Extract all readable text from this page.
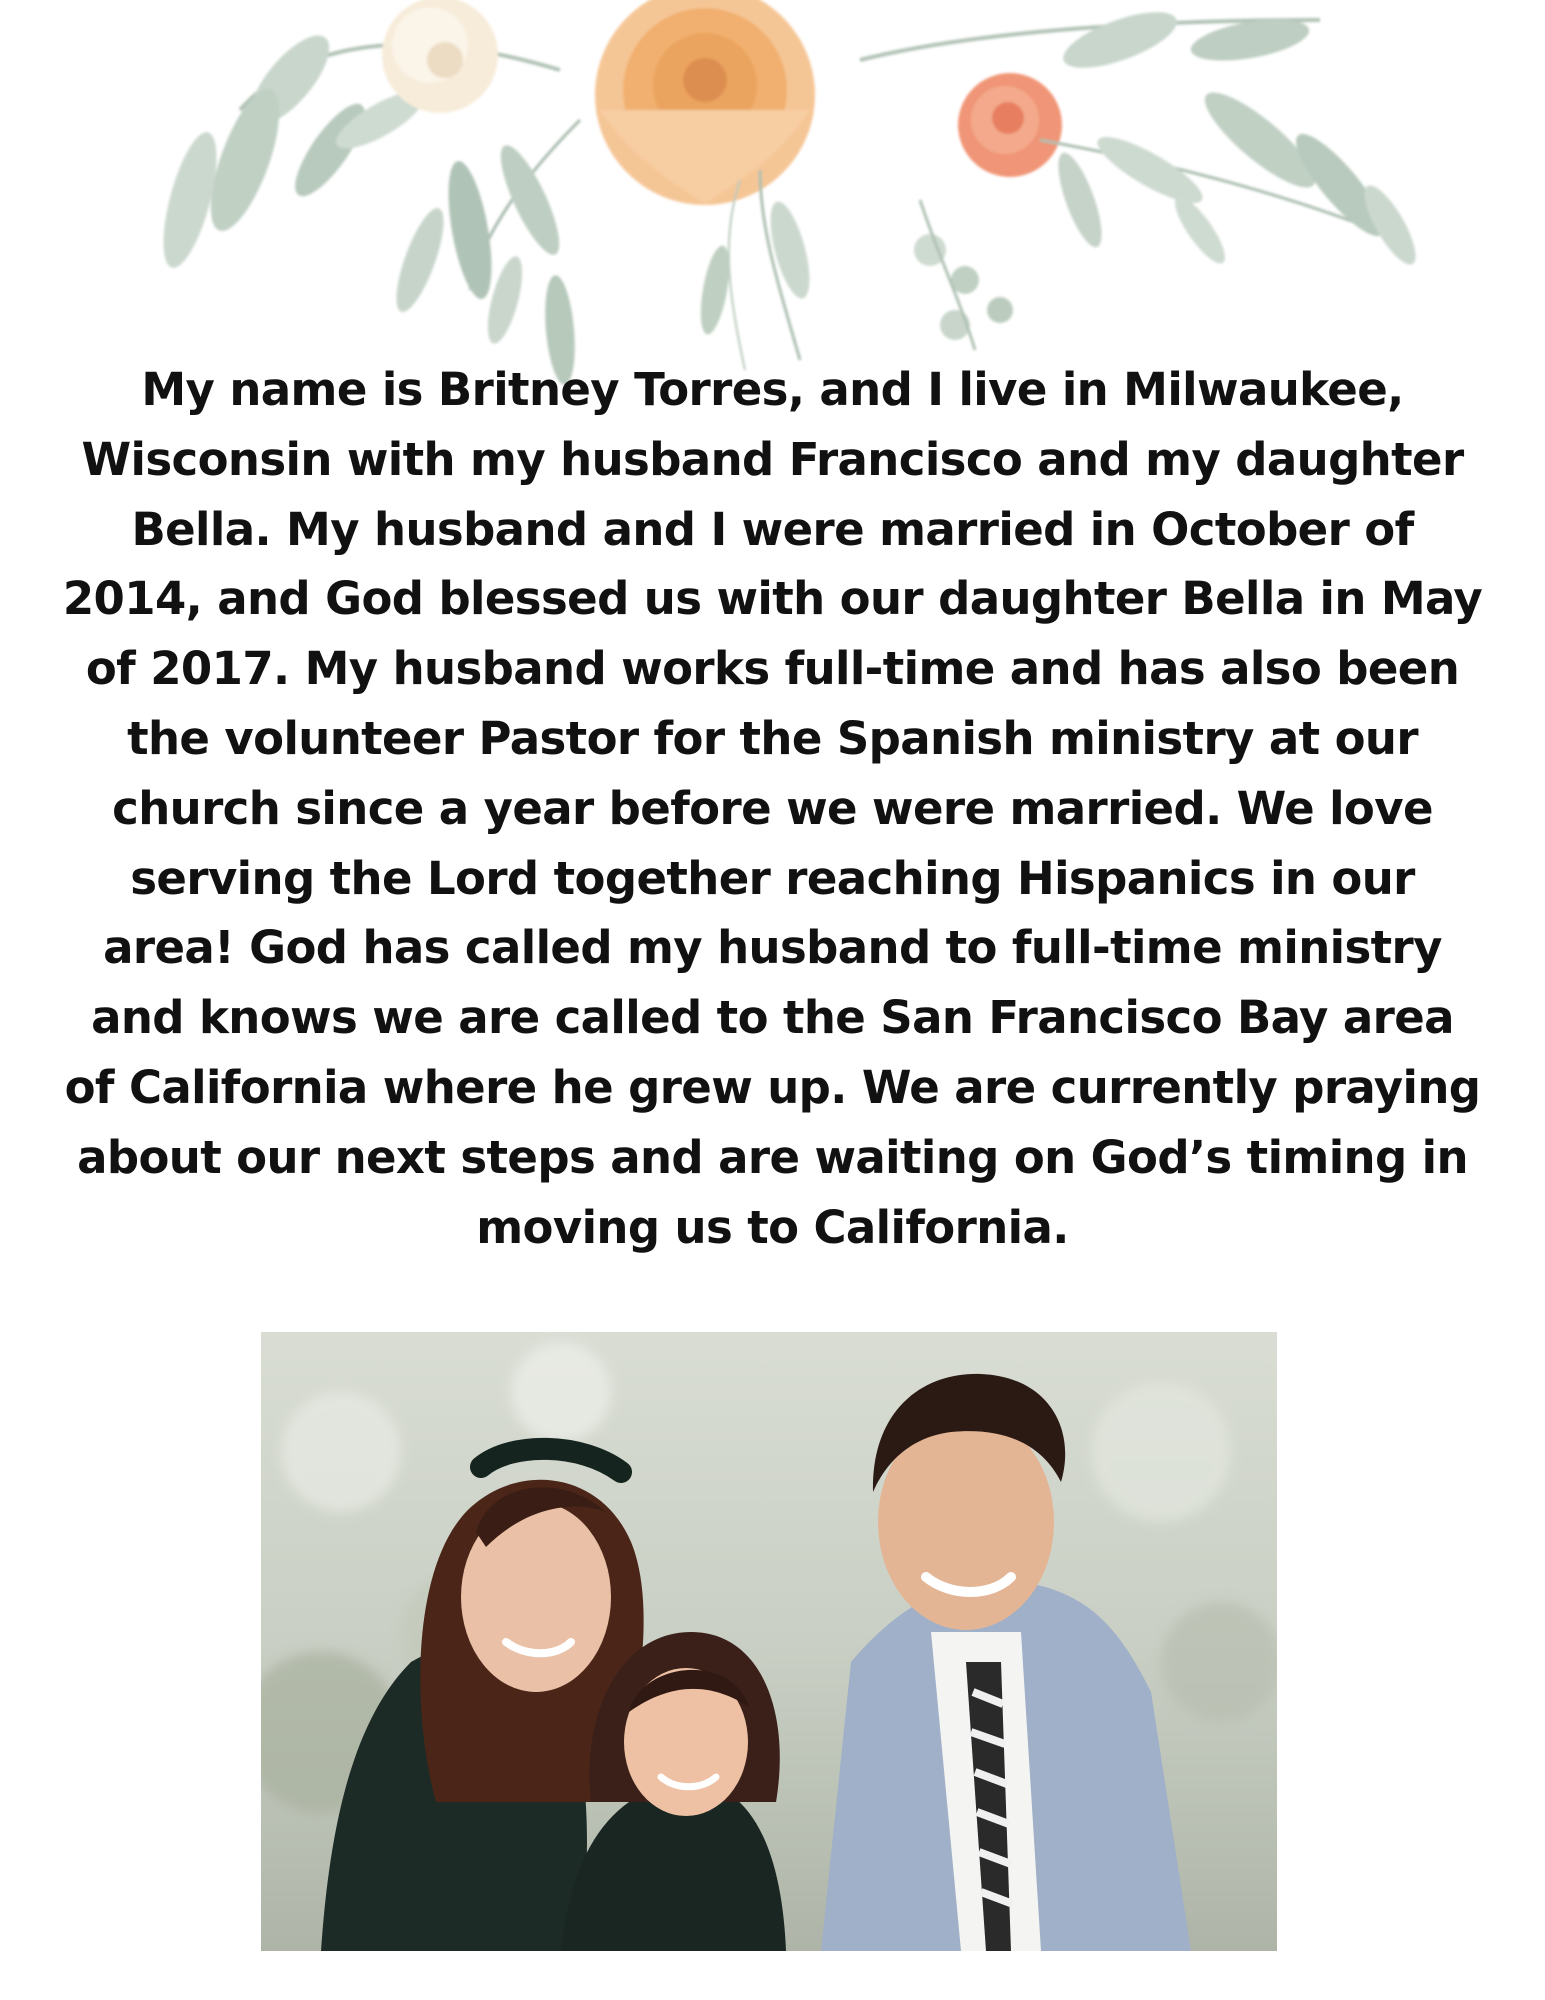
My name is Britney Torres, and I live in Milwaukee, Wisconsin with my husband Francisco and my daughter Bella. My husband and I were married in October of 2014, and God blessed us with our daughter Bella in May of 2017. My husband works full-time and has also been the volunteer Pastor for the Spanish ministry at our church since a year before we were married. We love serving the Lord together reaching Hispanics in our area! God has called my husband to full-time ministry and knows we are called to the San Francisco Bay area of California where he grew up. We are currently praying about our next steps and are waiting on God’s timing in moving us to California.
